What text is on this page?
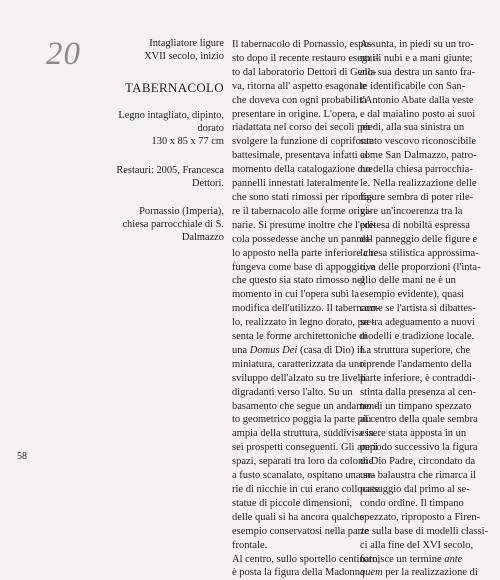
20	Intagliatore ligure
XVII secolo, inizio
TABERNACOLO
Legno intagliato, dipinto, dorato
130 x 85 x 77 cm
Restauri: 2005, Francesca Dettori.
Pornassio (Imperia),
chiesa parrocchiale di S. Dalmazzo
Il tabernacolo di Pornassio, espo-
sto dopo il recente restauro esegui-
to dal laboratorio Dettori di Geno-
va, ritorna all' aspetto esagonale
che doveva con ogni probabilità
presentare in origine. L'opera,
riadattata nel corso dei secoli per
svolgere la funzione di coprifonte
battesimale, presentava infatti al
momento della catalogazione due
pannelli innestati lateralmente
che sono stati rimossi per riporta-
re il tabernacolo alle forme origi-
narie. Si presume inoltre che l'edi-
cola possedesse anche un pannel-
lo apposto nella parte inferiore che
fungeva come base di appoggio, e
che questo sia stato rimosso nel
momento in cui l'opera subì la
modifica dell'utilizzo. Il tabernaco-
lo, realizzato in legno dorato, pre-
senta le forme architettoniche di
una Domus Dei (casa di Dio) in
miniatura, caratterizzata da uno
sviluppo dell'alzato su tre livelli
digradanti verso l'alto. Su un
basamento che segue un andamen-
to geometrico poggia la parte più
ampia della struttura, suddivisa in
sei prospetti conseguenti. Gli ampi
spazi, separati tra loro da colonne
a fusto scanalato, ospitano una se-
rie di nicchie in cui erano collocate
statue di piccole dimensioni,
delle quali si ha ancora qualche
esempio conservatosi nella parte
frontale.
Al centro, sullo sportello centinato,
è posta la figura della Madonna
Assunta, in piedi su un tro-
no di nubi e a mani giunte;
alla sua destra un santo fra-
te identificabile con San-
t'Antonio Abate dalla veste
e dal maialino posto ai suoi
piedi, alla sua sinistra un
santo vescovo riconoscibile
come San Dalmazzo, patro-
no della chiesa parrocchia-
le. Nella realizzazione delle
figure sembra di poter rile-
vare un'incoerenza tra la
pretesa di nobiltà espressa
dal panneggio delle figure e
la resa stilistica approssima-
tiva delle proporzioni (l'inta-
glio delle mani ne è un
esempio evidente), quasi
come se l'artista si dibattes-
se tra adeguamento a nuovi
modelli e tradizione locale.
La struttura superiore, che
riprende l'andamento della
parte inferiore, è contraddi-
stinta dalla presenza al cen-
tro di un timpano spezzato
al centro della quale sembra
essere stata apposta in un
periodo successivo la figura
di Dio Padre, circondato da
una balaustra che rimarca il
passaggio dal primo al se-
condo ordine. Il timpano
spezzato, riproposto a Firen-
ze sulla base di modelli classi-
ci alla fine del XVI secolo,
fornisce un termine ante
quem per la realizzazione di
58
